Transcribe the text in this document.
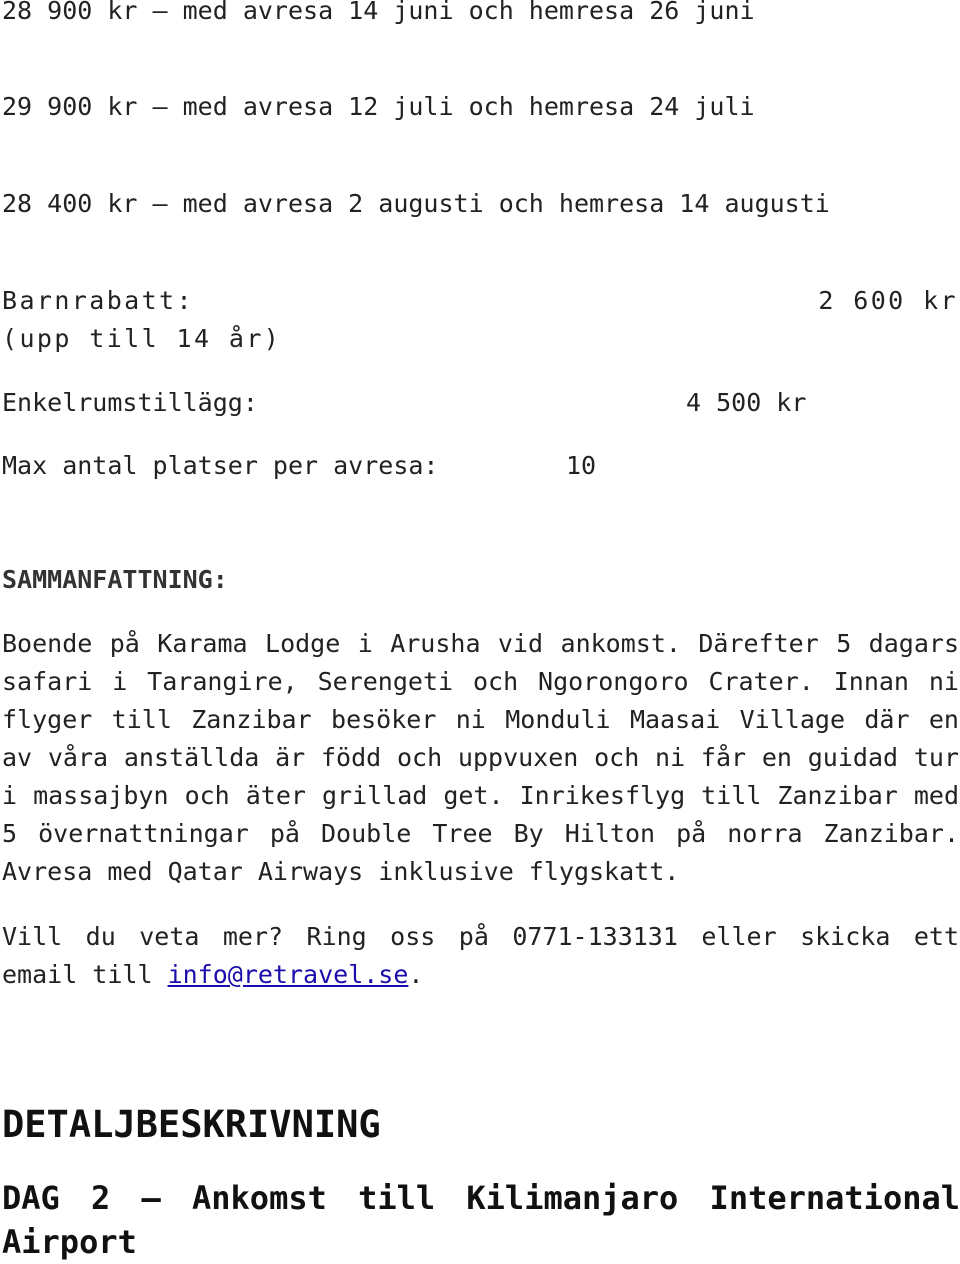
28 900 kr – med avresa 14 juni och hemresa 26 juni
29 900 kr – med avresa 12 juli och hemresa 24 juli
28 400 kr – med avresa 2 augusti och hemresa 14 augusti
Barnrabatt:
(upp till 14 år)
2 600 kr
Enkelrumstillägg:	4 500 kr
Max antal platser per avresa:	10
SAMMANFATTNING:
Boende på Karama Lodge i Arusha vid ankomst. Därefter 5 dagars safari i Tarangire, Serengeti och Ngorongoro Crater. Innan ni flyger till Zanzibar besöker ni Monduli Maasai Village där en av våra anställda är född och uppvuxen och ni får en guidad tur i massajbyn och äter grillad get. Inrikesflyg till Zanzibar med 5 övernattningar på Double Tree By Hilton på norra Zanzibar. Avresa med Qatar Airways inklusive flygskatt.
Vill du veta mer? Ring oss på 0771-133131 eller skicka ett email till info@retravel.se.
DETALJBESKRIVNING
DAG 2 – Ankomst till Kilimanjaro International Airport
